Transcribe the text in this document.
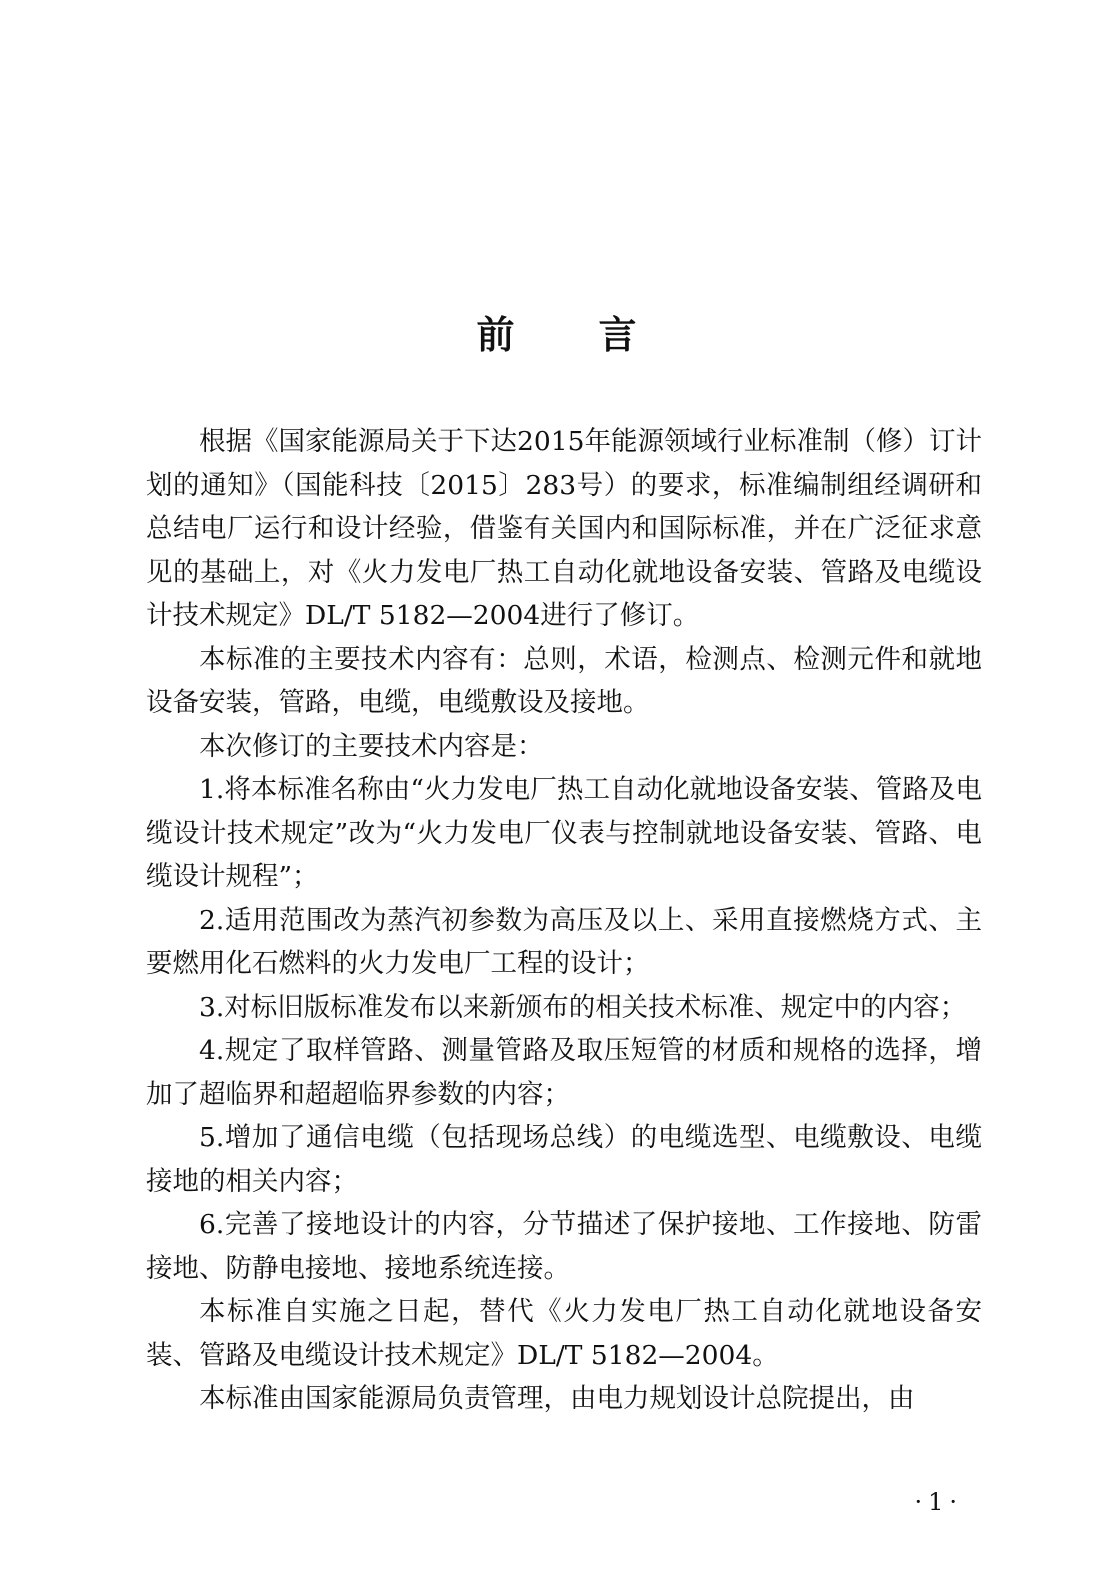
前言

根据《国家能源局关于下达2015年能源领域行业标准制（修）订计划的通知》（国能科技〔2015〕283号）的要求，标准编制组经调研和总结电厂运行和设计经验，借鉴有关国内和国际标准，并在广泛征求意见的基础上，对《火力发电厂热工自动化就地设备安装、管路及电缆设计技术规定》DL/T 5182—2004进行了修订。

本标准的主要技术内容有：总则，术语，检测点、检测元件和就地设备安装，管路，电缆，电缆敷设及接地。

本次修订的主要技术内容是：

1.将本标准名称由“火力发电厂热工自动化就地设备安装、管路及电缆设计技术规定”改为“火力发电厂仪表与控制就地设备安装、管路、电缆设计规程”；

2.适用范围改为蒸汽初参数为高压及以上、采用直接燃烧方式、主要燃用化石燃料的火力发电厂工程的设计；

3.对标旧版标准发布以来新颁布的相关技术标准、规定中的内容；

4.规定了取样管路、测量管路及取压短管的材质和规格的选择，增加了超临界和超超临界参数的内容；

5.增加了通信电缆（包括现场总线）的电缆选型、电缆敷设、电缆接地的相关内容；

6.完善了接地设计的内容，分节描述了保护接地、工作接地、防雷接地、防静电接地、接地系统连接。

本标准自实施之日起，替代《火力发电厂热工自动化就地设备安装、管路及电缆设计技术规定》DL/T 5182—2004。

本标准由国家能源局负责管理，由电力规划设计总院提出，由

·1·
